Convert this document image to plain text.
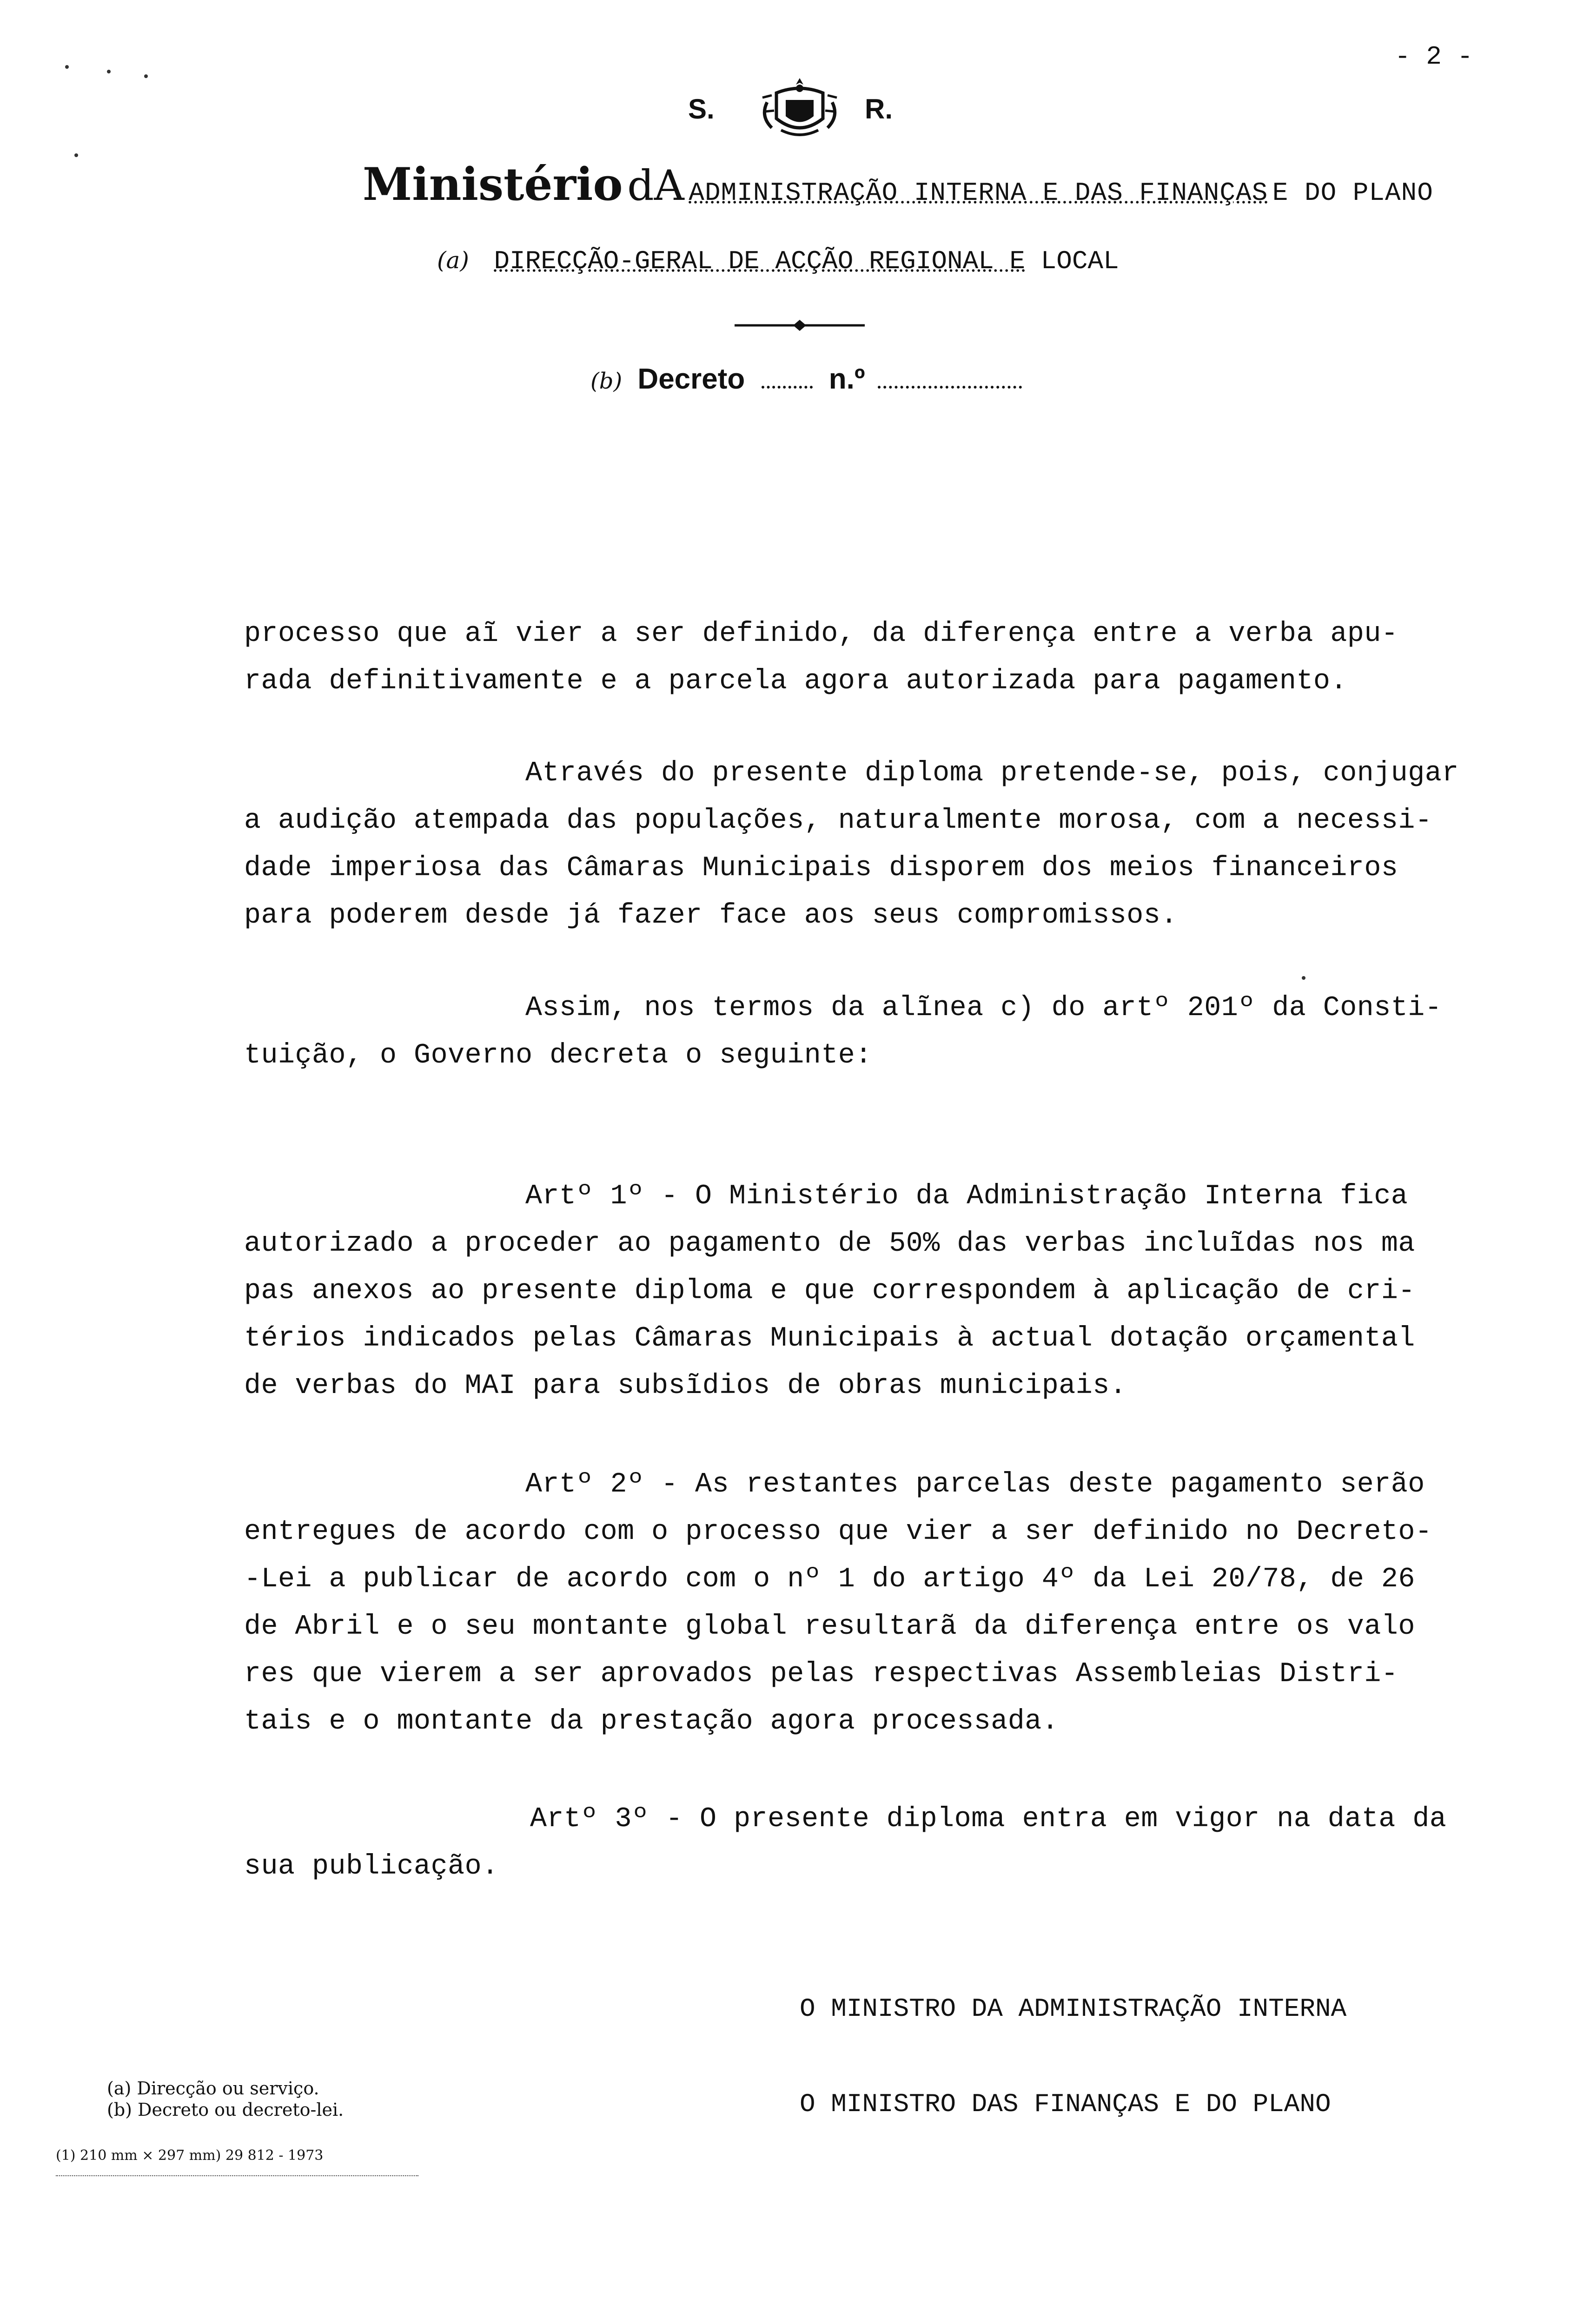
- 2 -
S.	R.
Ministério dA ADMINISTRAÇÃO INTERNA E DAS FINANÇAS E DO PLANO
(a) DIRECÇÃO-GERAL DE ACÇÃO REGIONAL E LOCAL
(b) Decreto	n.º
processo que aĩ vier a ser definido, da diferença entre a verba apu-
rada definitivamente e a parcela agora autorizada para pagamento.
Através do presente diploma pretende-se, pois, conjugar
a audição atempada das populações, naturalmente morosa, com a necessi-
dade imperiosa das Câmaras Municipais disporem dos meios financeiros
para poderem desde já fazer face aos seus compromissos.
Assim, nos termos da alĩnea c) do artº 201º da Consti-
tuição, o Governo decreta o seguinte:
Artº 1º - O Ministério da Administração Interna fica
autorizado a proceder ao pagamento de 50% das verbas incluĩdas nos ma
pas anexos ao presente diploma e que correspondem à aplicação de cri-
térios indicados pelas Câmaras Municipais à actual dotação orçamental
de verbas do MAI para subsĩdios de obras municipais.
Artº 2º - As restantes parcelas deste pagamento serão
entregues de acordo com o processo que vier a ser definido no Decreto-
-Lei a publicar de acordo com o nº 1 do artigo 4º da Lei 20/78, de 26
de Abril e o seu montante global resultarã da diferença entre os valo
res que vierem a ser aprovados pelas respectivas Assembleias Distri-
tais e o montante da prestação agora processada.
Artº 3º - O presente diploma entra em vigor na data da
sua publicação.
O MINISTRO DA ADMINISTRAÇÃO INTERNA
O MINISTRO DAS FINANÇAS E DO PLANO
(a) Direcção ou serviço.
(b) Decreto ou decreto-lei.
(1) 210 mm × 297 mm) 29 812 - 1973
